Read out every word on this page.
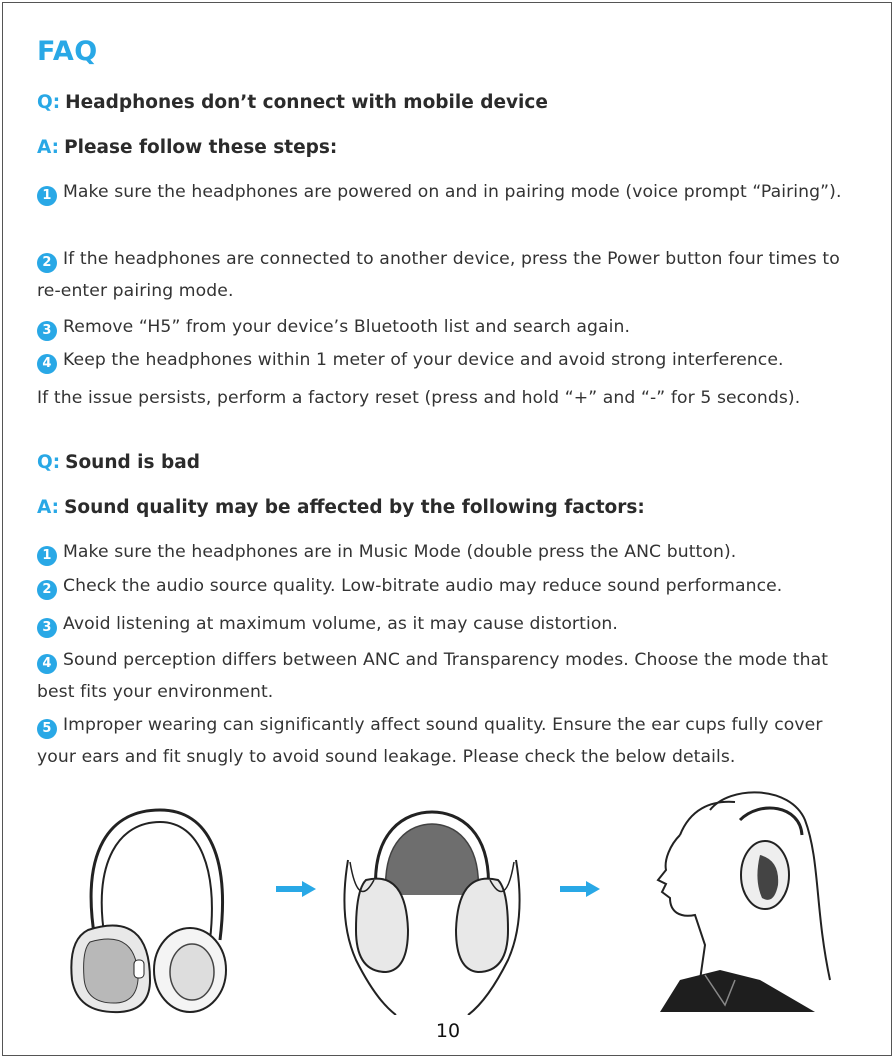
FAQ
Q: Headphones don’t connect with mobile device
A: Please follow these steps:
1 Make sure the headphones are powered on and in pairing mode (voice prompt “Pairing”).
2 If the headphones are connected to another device, press the Power button four times to re-enter pairing mode.
3 Remove “H5” from your device’s Bluetooth list and search again.
4 Keep the headphones within 1 meter of your device and avoid strong interference.
If the issue persists, perform a factory reset (press and hold “+” and “-” for 5 seconds).
Q: Sound is bad
A: Sound quality may be affected by the following factors:
1 Make sure the headphones are in Music Mode (double press the ANC button).
2 Check the audio source quality. Low-bitrate audio may reduce sound performance.
3 Avoid listening at maximum volume, as it may cause distortion.
4 Sound perception differs between ANC and Transparency modes. Choose the mode that best fits your environment.
5 Improper wearing can significantly affect sound quality. Ensure the ear cups fully cover your ears and fit snugly to avoid sound leakage. Please check the below details.
10
